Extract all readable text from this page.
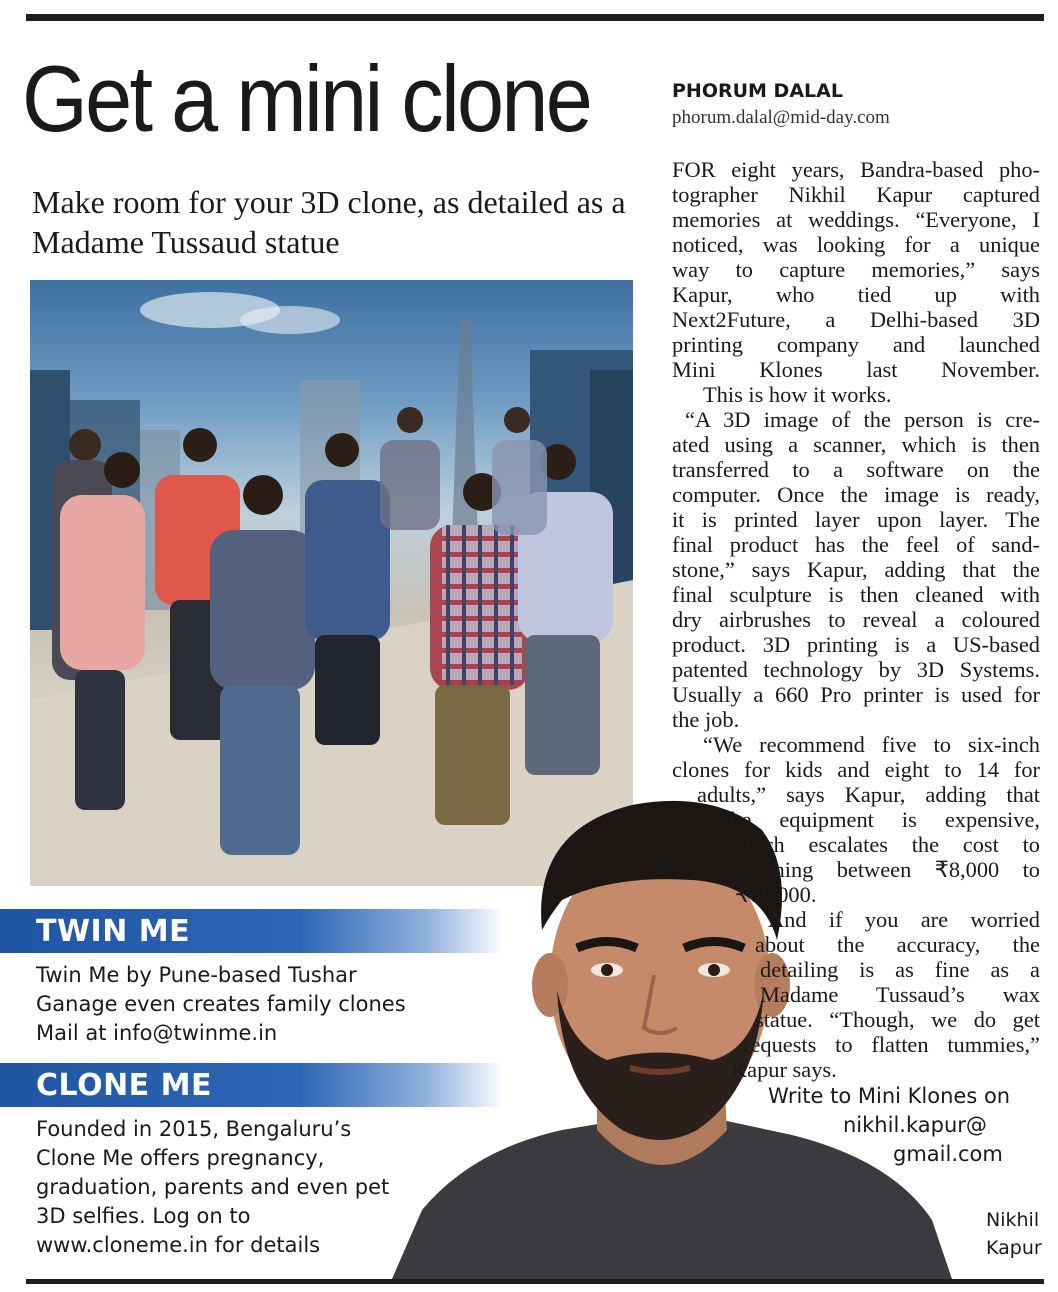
Get a mini clone

Make room for your 3D clone, as detailed as a Madame Tussaud statue

TWIN ME

Twin Me by Pune-based Tushar

Ganage even creates family clones

Mail at info@twinme.in

CLONE ME

Founded in 2015, Bengaluru’s

Clone Me offers pregnancy,

graduation, parents and even pet

3D selfies. Log on to

www.cloneme.in for details

PHORUM DALAL

phorum.dalal@mid-day.com

FOR eight years, Bandra-based pho-

tographer Nikhil Kapur captured

memories at weddings. “Everyone, I

noticed, was looking for a unique

way to capture memories,” says

Kapur, who tied up with

Next2Future, a Delhi-based 3D

printing company and launched

Mini Klones last November.

This is how it works.

“A 3D image of the person is cre-

ated using a scanner, which is then

transferred to a software on the

computer. Once the image is ready,

it is printed layer upon layer. The

final product has the feel of sand-

stone,” says Kapur, adding that the

final sculpture is then cleaned with

dry airbrushes to reveal a coloured

product. 3D printing is a US-based

patented technology by 3D Systems.

Usually a 660 Pro printer is used for

the job.

“We recommend five to six-inch

clones for kids and eight to 14 for

adults,” says Kapur, adding that

the equipment is expensive,

which escalates the cost to

anything between ₹8,000 to

₹60,000.

And if you are worried

about the accuracy, the

detailing is as fine as a

Madame Tussaud’s wax

statue. “Though, we do get

requests to flatten tummies,”

Kapur says.

Write to Mini Klones on

nikhil.kapur@

gmail.com

Nikhil

Kapur
